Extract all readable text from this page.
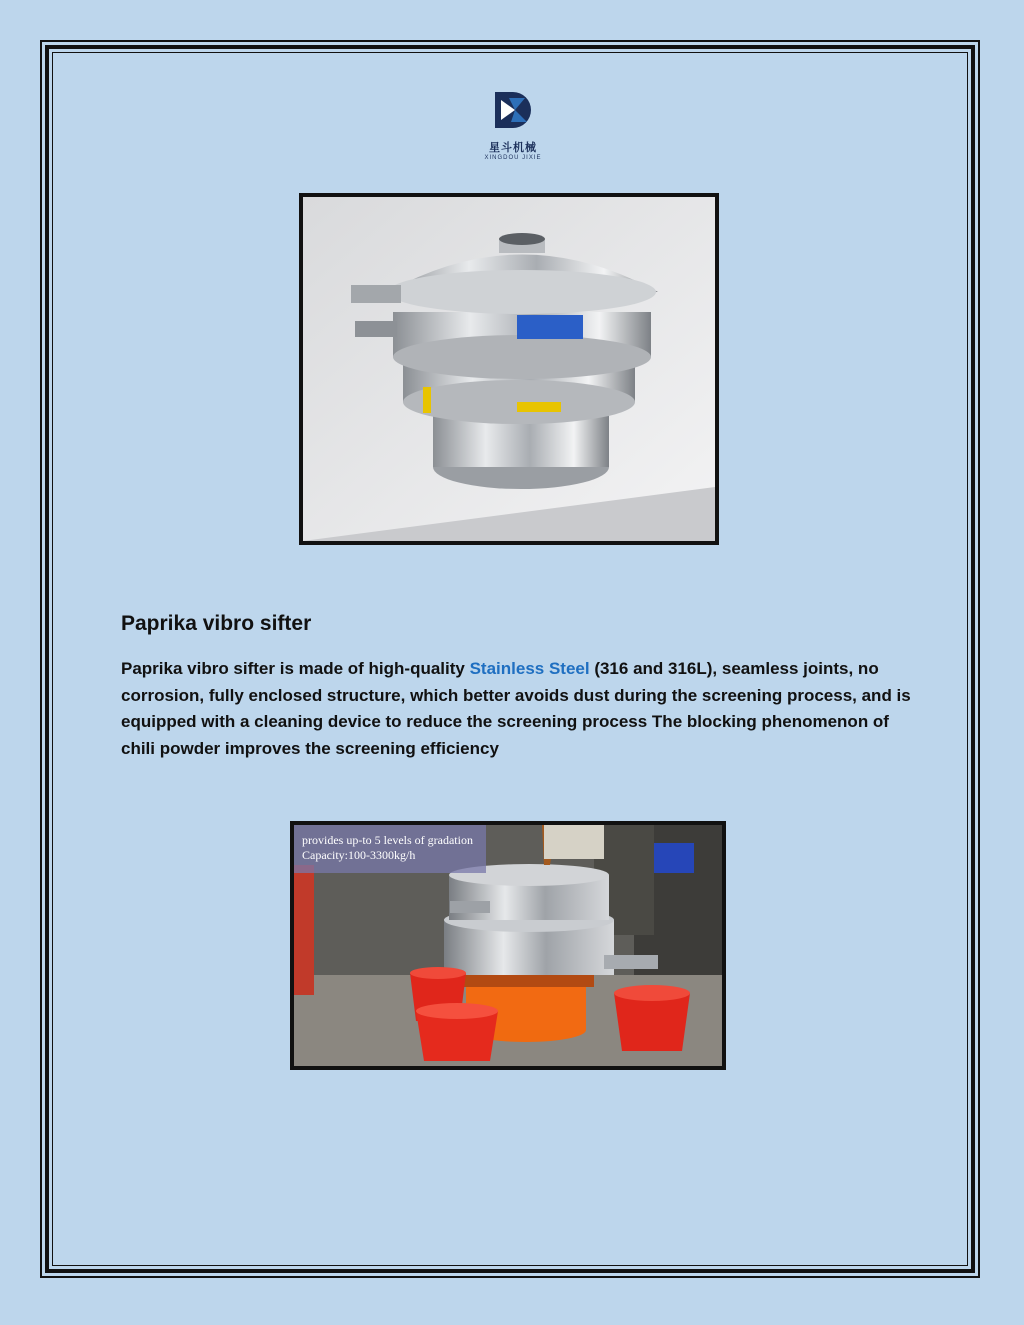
星斗机械
XINGDOU JIXIE
Paprika vibro sifter

Paprika vibro sifter is made of high-quality Stainless Steel (316 and 316L), seamless joints, no corrosion, fully enclosed structure, which better avoids dust during the screening process, and is equipped with a cleaning device to reduce the screening process The blocking phenomenon of chili powder improves the screening efficiency

provides up-to 5 levels of gradation
Capacity:100-3300kg/h
